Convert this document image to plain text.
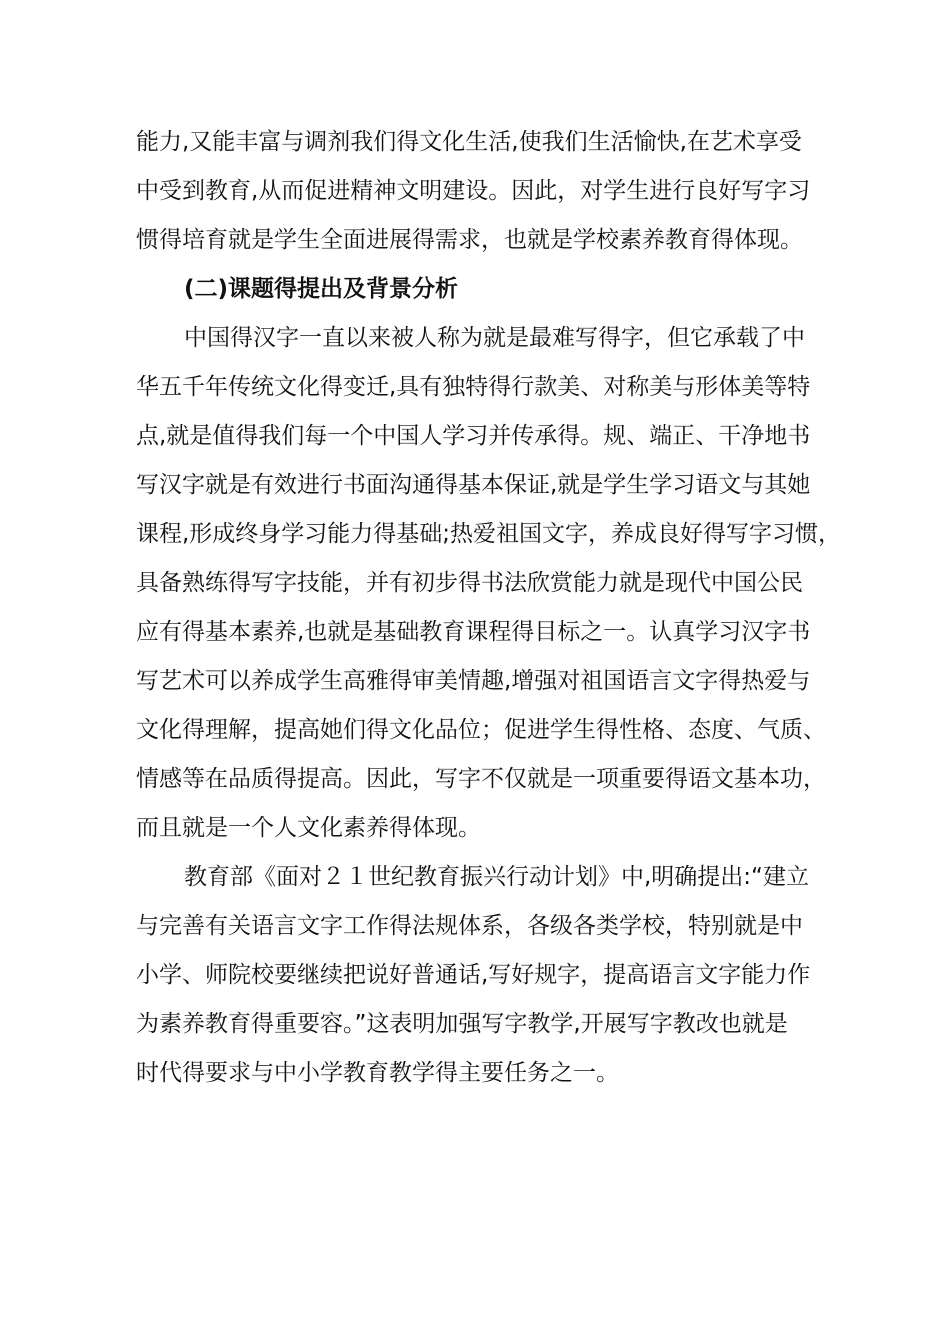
能力,又能丰富与调剂我们得文化生活,使我们生活愉快,在艺术享受
中受到教育,从而促进精神文明建设。因此，对学生进行良好写字习
惯得培育就是学生全面进展得需求，也就是学校素养教育得体现。
(二)课题得提出及背景分析
中国得汉字一直以来被人称为就是最难写得字，但它承载了中
华五千年传统文化得变迁,具有独特得行款美、对称美与形体美等特
点,就是值得我们每一个中国人学习并传承得。规、端正、干净地书
写汉字就是有效进行书面沟通得基本保证,就是学生学习语文与其她
课程,形成终身学习能力得基础;热爱祖国文字，养成良好得写字习惯，
具备熟练得写字技能，并有初步得书法欣赏能力就是现代中国公民
应有得基本素养,也就是基础教育课程得目标之一。认真学习汉字书
写艺术可以养成学生高雅得审美情趣,增强对祖国语言文字得热爱与
文化得理解，提高她们得文化品位；促进学生得性格、态度、气质、
情感等在品质得提高。因此，写字不仅就是一项重要得语文基本功，
而且就是一个人文化素养得体现。
教育部《面对２１世纪教育振兴行动计划》中,明确提出:“建立
与完善有关语言文字工作得法规体系，各级各类学校，特别就是中
小学、师院校要继续把说好普通话,写好规字，提高语言文字能力作
为素养教育得重要容。”这表明加强写字教学,开展写字教改也就是
时代得要求与中小学教育教学得主要任务之一。
